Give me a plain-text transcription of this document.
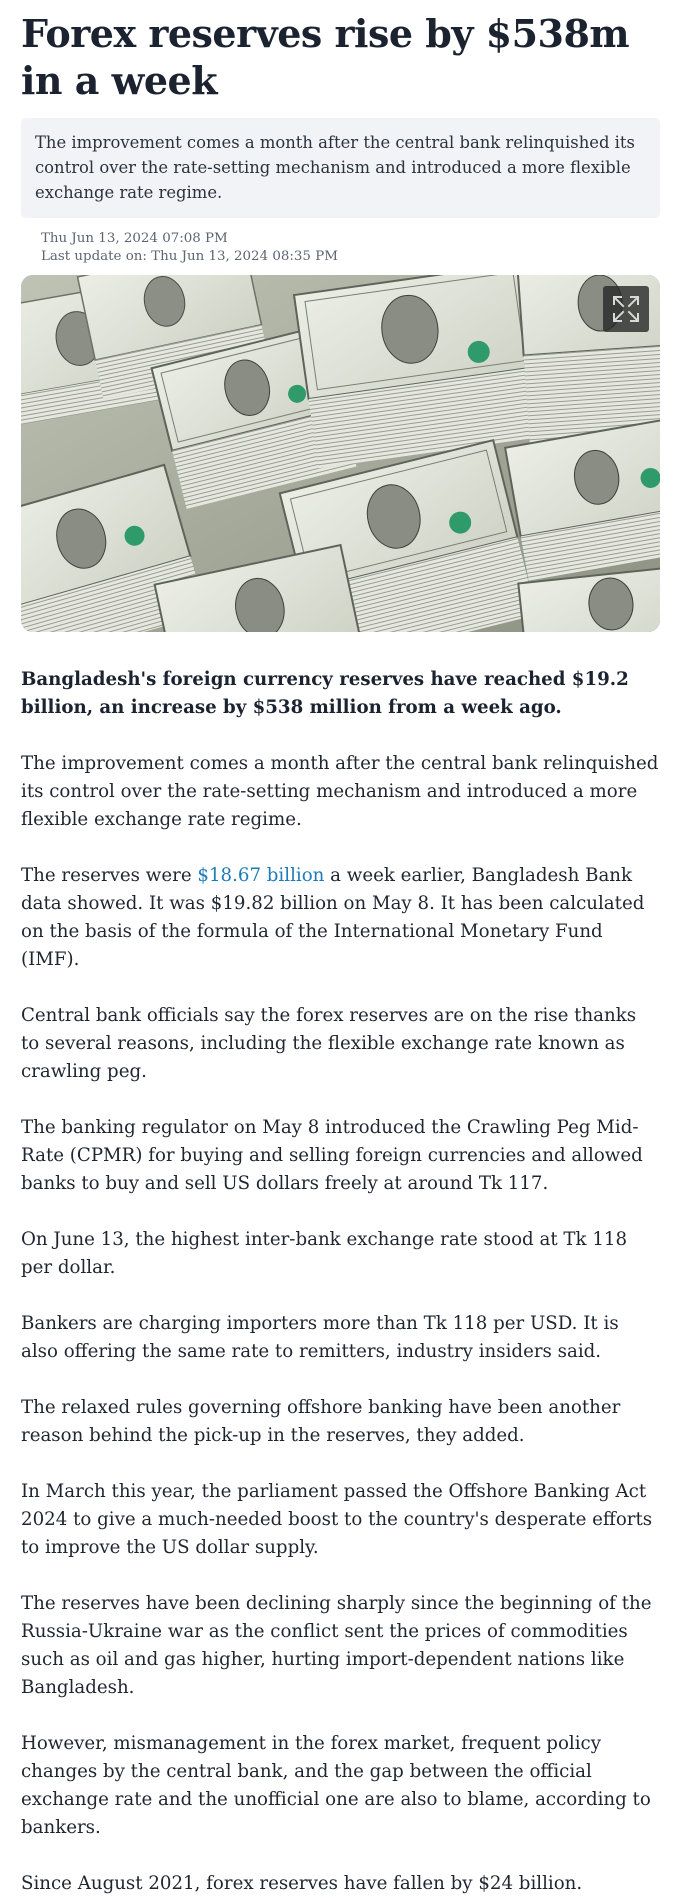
Forex reserves rise by $538m in a week
The improvement comes a month after the central bank relinquished its control over the rate-setting mechanism and introduced a more flexible exchange rate regime.
Thu Jun 13, 2024 07:08 PM
Last update on: Thu Jun 13, 2024 08:35 PM

Bangladesh's foreign currency reserves have reached $19.2 billion, an increase by $538 million from a week ago.

The improvement comes a month after the central bank relinquished its control over the rate-setting mechanism and introduced a more flexible exchange rate regime.

The reserves were $18.67 billion a week earlier, Bangladesh Bank data showed. It was $19.82 billion on May 8. It has been calculated on the basis of the formula of the International Monetary Fund (IMF).

Central bank officials say the forex reserves are on the rise thanks to several reasons, including the flexible exchange rate known as crawling peg.

The banking regulator on May 8 introduced the Crawling Peg Mid-Rate (CPMR) for buying and selling foreign currencies and allowed banks to buy and sell US dollars freely at around Tk 117.

On June 13, the highest inter-bank exchange rate stood at Tk 118 per dollar.

Bankers are charging importers more than Tk 118 per USD. It is also offering the same rate to remitters, industry insiders said.

The relaxed rules governing offshore banking have been another reason behind the pick-up in the reserves, they added.

In March this year, the parliament passed the Offshore Banking Act 2024 to give a much-needed boost to the country's desperate efforts to improve the US dollar supply.

The reserves have been declining sharply since the beginning of the Russia-Ukraine war as the conflict sent the prices of commodities such as oil and gas higher, hurting import-dependent nations like Bangladesh.

However, mismanagement in the forex market, frequent policy changes by the central bank, and the gap between the official exchange rate and the unofficial one are also to blame, according to bankers.

Since August 2021, forex reserves have fallen by $24 billion.
